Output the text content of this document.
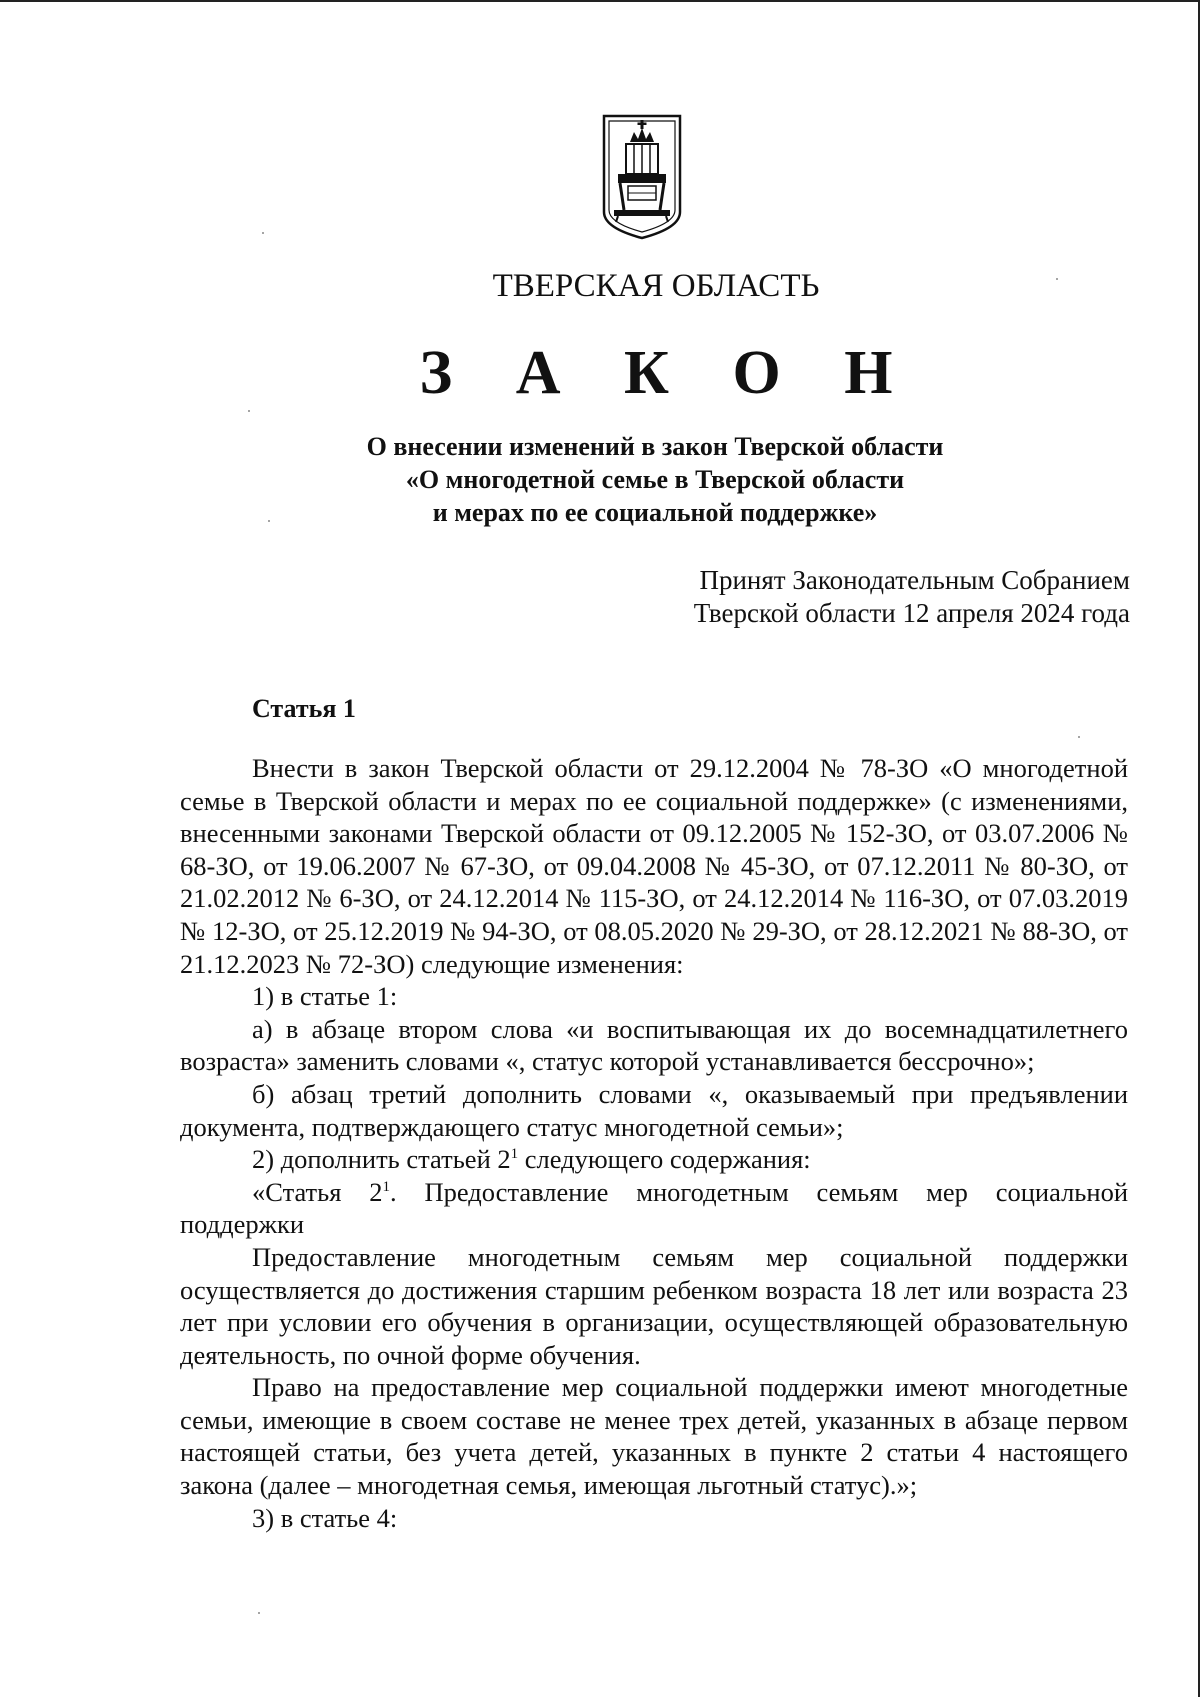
ТВЕРСКАЯ ОБЛАСТЬ
З А К О Н
О внесении изменений в закон Тверской области
«О многодетной семье в Тверской области
и мерах по ее социальной поддержке»
Принят Законодательным Собранием
Тверской области 12 апреля 2024 года
Статья 1

Внести в закон Тверской области от 29.12.2004 № 78-ЗО «О многодетной семье в Тверской области и мерах по ее социальной поддержке» (с изменениями, внесенными законами Тверской области от 09.12.2005 № 152-ЗО, от 03.07.2006 № 68-ЗО, от 19.06.2007 № 67-ЗО, от 09.04.2008 № 45-ЗО, от 07.12.2011 № 80-ЗО, от 21.02.2012 № 6-ЗО, от 24.12.2014 № 115-ЗО, от 24.12.2014 № 116-ЗО, от 07.03.2019 № 12-ЗО, от 25.12.2019 № 94-ЗО, от 08.05.2020 № 29-ЗО, от 28.12.2021 № 88-ЗО, от 21.12.2023 № 72-ЗО) следующие изменения:

1) в статье 1:

а) в абзаце втором слова «и воспитывающая их до восемнадцатилетнего возраста» заменить словами «, статус которой устанавливается бессрочно»;

б) абзац третий дополнить словами «, оказываемый при предъявлении документа, подтверждающего статус многодетной семьи»;

2) дополнить статьей $2^1$ следующего содержания:

«Статья $2^1$. Предоставление многодетным семьям мер социальной поддержки

Предоставление многодетным семьям мер социальной поддержки осуществляется до достижения старшим ребенком возраста 18 лет или возраста 23 лет при условии его обучения в организации, осуществляющей образовательную деятельность, по очной форме обучения.

Право на предоставление мер социальной поддержки имеют многодетные семьи, имеющие в своем составе не менее трех детей, указанных в абзаце первом настоящей статьи, без учета детей, указанных в пункте 2 статьи 4 настоящего закона (далее – многодетная семья, имеющая льготный статус).»;

3) в статье 4:
